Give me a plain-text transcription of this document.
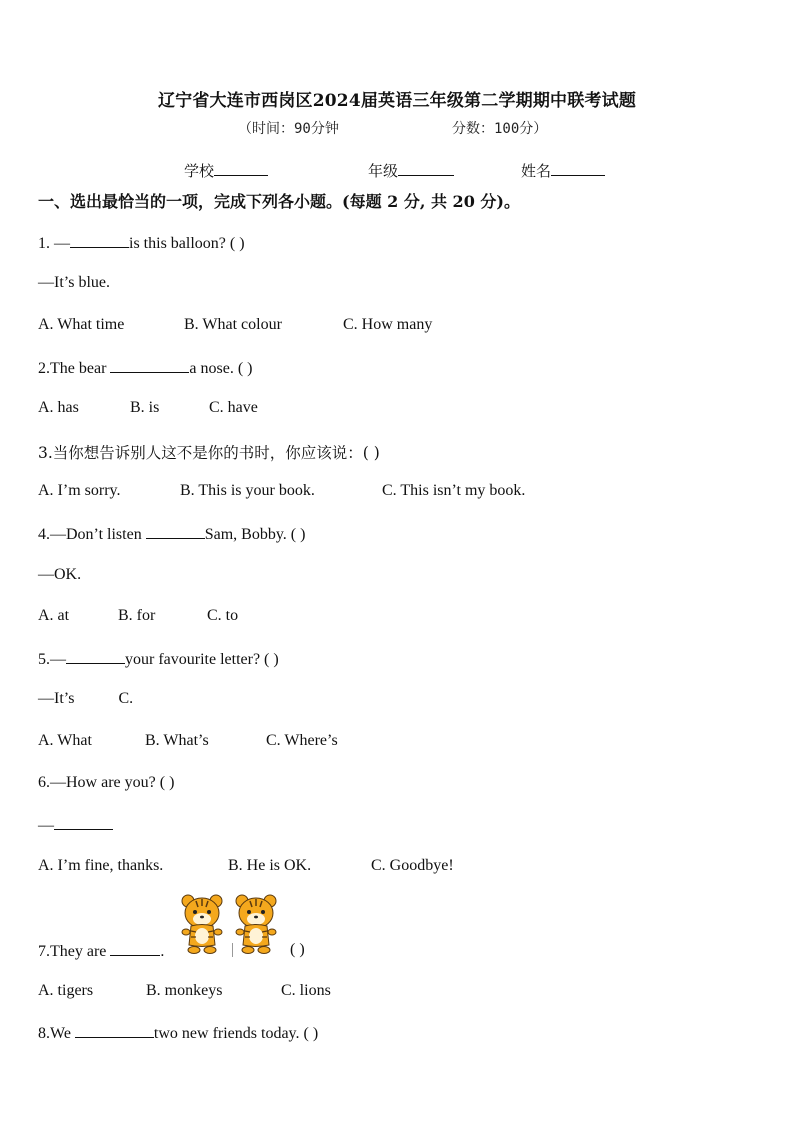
辽宁省大连市西岗区2024届英语三年级第二学期期中联考试题
（时间：90分钟	分数：100分）
学校	年级	姓名
一、选出最恰当的一项，完成下列各小题。(每题 2 分, 共 20 分)。
1. —	is this balloon? ( )
—It’s blue.
A. What time	B. What colour	C. How many
2.The bear	a nose. ( )
A. has	B. is	C. have
3.当你想告诉别人这不是你的书时，你应该说：( )
A. I’m sorry.	B. This is your book.	C. This isn’t my book.
4.—Don’t listen	Sam, Bobby. ( )
—OK.
A. at	B. for	C. to
5.—	your favourite letter? ( )
—It’s           C.
A. What	B. What’s	C. Where’s
6.—How are you? ( )
—
A. I’m fine, thanks.	B. He is OK.	C. Goodbye!
7.They are	.	( )
A. tigers	B. monkeys	C. lions
8.We	two new friends today. ( )
